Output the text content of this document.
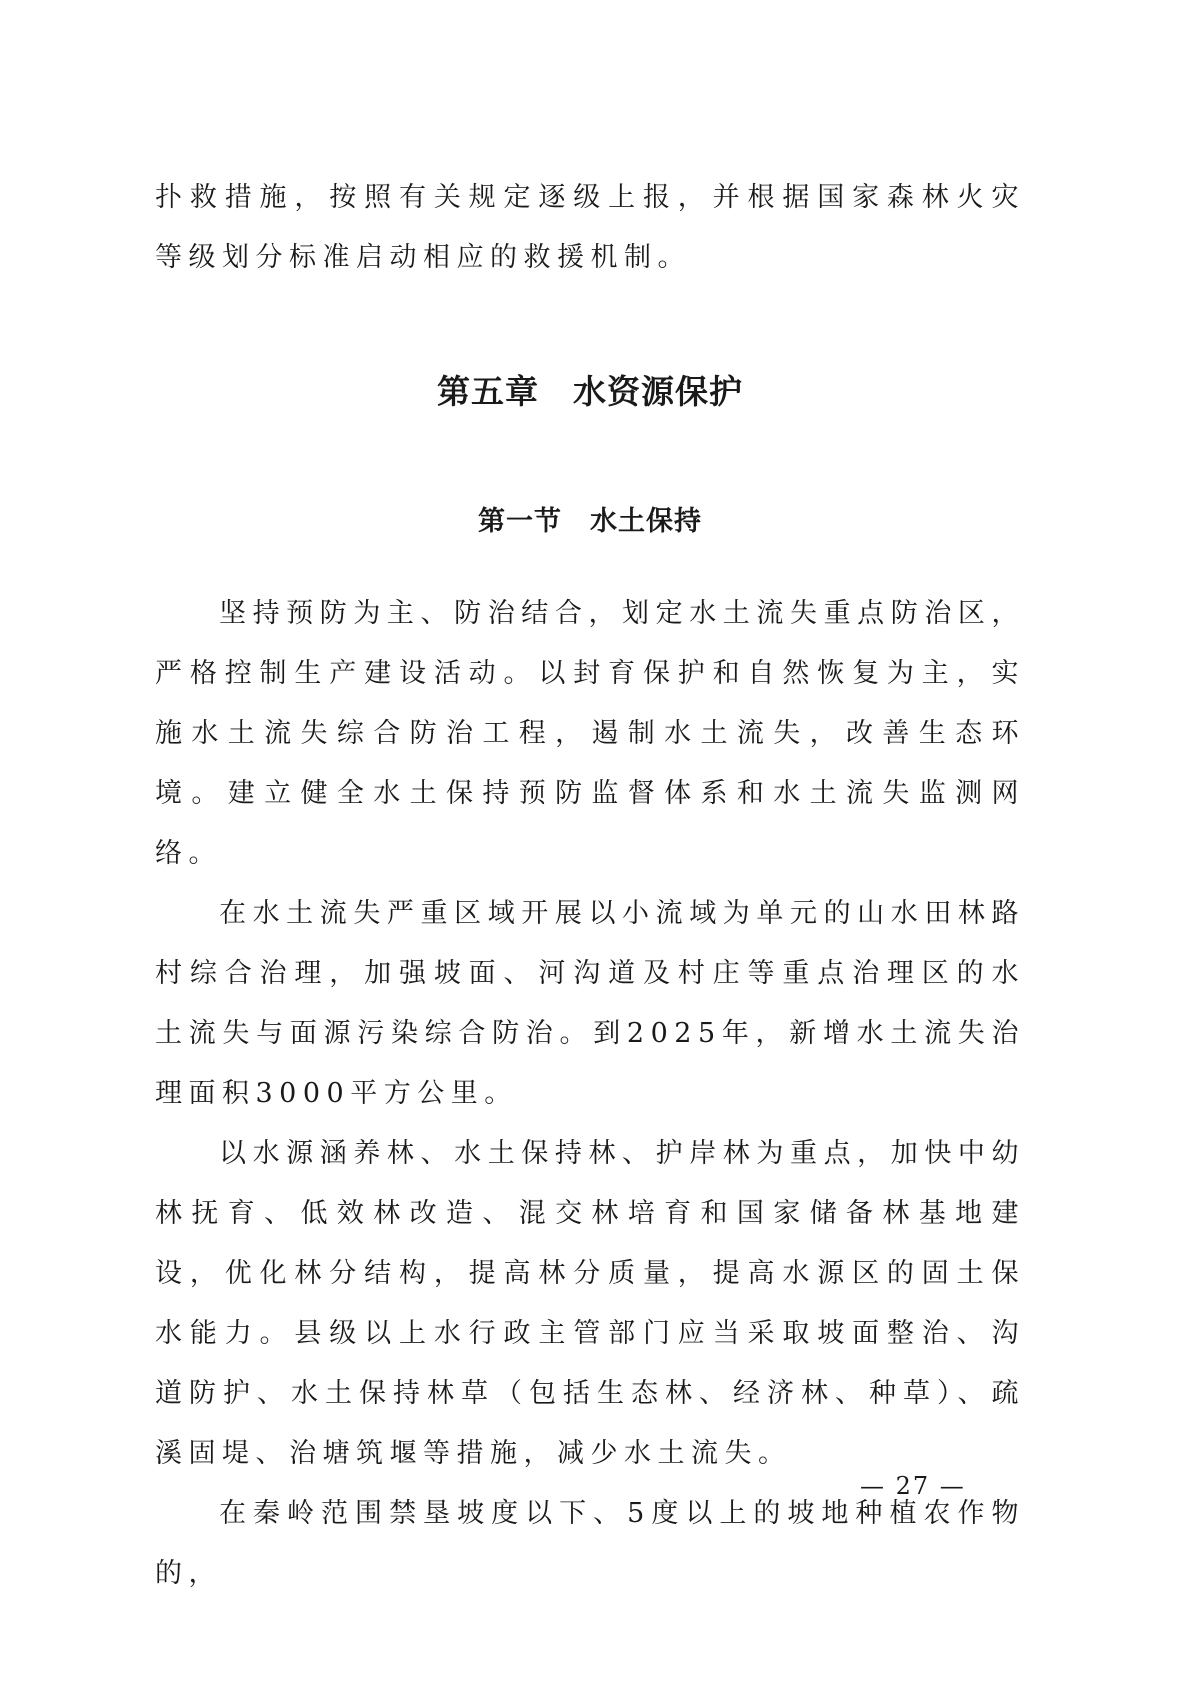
扑救措施，按照有关规定逐级上报，并根据国家森林火灾等级划分标准启动相应的救援机制。

第五章　水资源保护
第一节　水土保持

坚持预防为主、防治结合，划定水土流失重点防治区，严格控制生产建设活动。以封育保护和自然恢复为主，实施水土流失综合防治工程，遏制水土流失，改善生态环境。建立健全水土保持预防监督体系和水土流失监测网络。

在水土流失严重区域开展以小流域为单元的山水田林路村综合治理，加强坡面、河沟道及村庄等重点治理区的水土流失与面源污染综合防治。到2025年，新增水土流失治理面积3000平方公里。

以水源涵养林、水土保持林、护岸林为重点，加快中幼林抚育、低效林改造、混交林培育和国家储备林基地建设，优化林分结构，提高林分质量，提高水源区的固土保水能力。县级以上水行政主管部门应当采取坡面整治、沟道防护、水土保持林草（包括生态林、经济林、种草）、疏溪固堤、治塘筑堰等措施，减少水土流失。

在秦岭范围禁垦坡度以下、5度以上的坡地种植农作物的，

— 27 —
